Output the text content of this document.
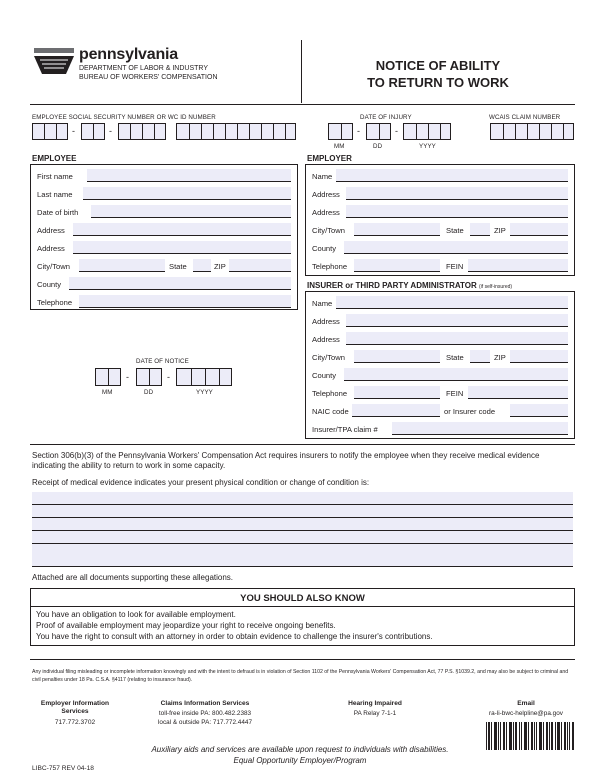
pennsylvania
DEPARTMENT OF LABOR & INDUSTRY
BUREAU OF WORKERS' COMPENSATION
NOTICE OF ABILITY
TO RETURN TO WORK
EMPLOYEE SOCIAL SECURITY NUMBER OR WC ID NUMBER
-	-
DATE OF INJURY
-	-
MM	DD	YYYY
WCAIS CLAIM NUMBER
EMPLOYEE
First name
Last name
Date of birth
Address
Address
City/Town	State	ZIP
County
Telephone
EMPLOYER
Name
Address
Address
City/Town	State	ZIP
County
Telephone	FEIN
INSURER or THIRD PARTY ADMINISTRATOR (if self-insured)
Name
Address
Address
City/Town	State	ZIP
County
Telephone	FEIN
NAIC code	or Insurer code
Insurer/TPA claim #
DATE OF NOTICE
-	-
MM	DD	YYYY
Section 306(b)(3) of the Pennsylvania Workers' Compensation Act requires insurers to notify the employee when they receive medical evidence indicating the ability to return to work in some capacity.
Receipt of medical evidence indicates your present physical condition or change of condition is:
Attached are all documents supporting these allegations.
YOU SHOULD ALSO KNOW
You have an obligation to look for available employment.
Proof of available employment may jeopardize your right to receive ongoing benefits.
You have the right to consult with an attorney in order to obtain evidence to challenge the insurer's contributions.
Any individual filing misleading or incomplete information knowingly and with the intent to defraud is in violation of Section 1102 of the Pennsylvania Workers' Compensation Act, 77 P.S. §1039.2, and may also be subject to criminal and civil penalties under 18 Pa. C.S.A. §4117 (relating to insurance fraud).
Employer Information
Services
717.772.3702
Claims Information Services
toll-free inside PA: 800.482.2383
local & outside PA: 717.772.4447
Hearing Impaired
PA Relay 7-1-1
Email
ra-li-bwc-helpline@pa.gov
Auxiliary aids and services are available upon request to individuals with disabilities.
Equal Opportunity Employer/Program
LIBC-757 REV 04-18
